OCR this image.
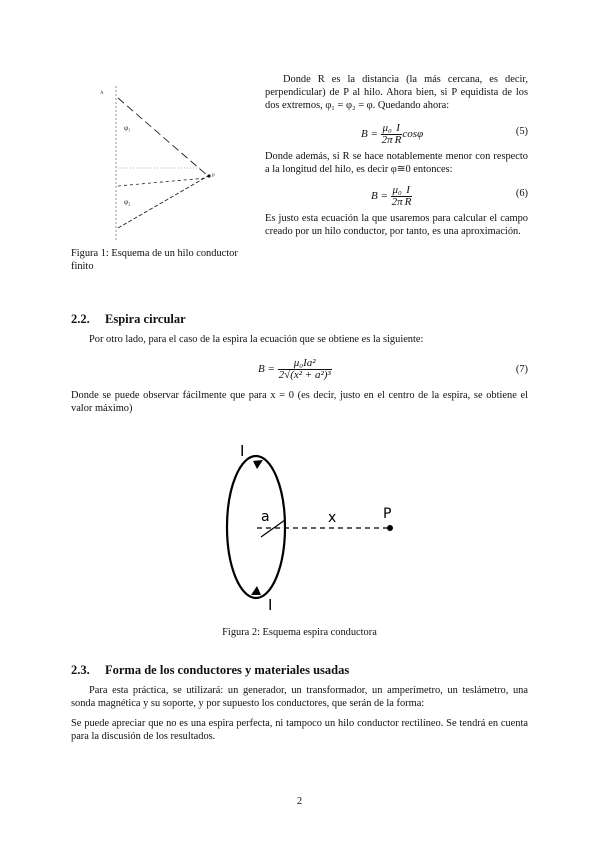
A
φ₁
φ₂
P
Figura 1: Esquema de un hilo conductor finito
Donde R es la distancia (la más cercana, es decir, perpendicular) de P al hilo. Ahora bien, si P equidista de los dos extremos, φ₁ = φ₂ = φ. Quedando ahora:
$B = \frac{\text{μ₀}}{2\pi} \frac{I}{R}$ cosφ	(5)
Donde además, si R se hace notablemente menor con respecto a la longitud del hilo, es decir φ≅0 entonces:
$B = \frac{\text{μ₀}}{2\pi} \frac{I}{R}$	(6)
Es justo esta ecuación la que usaremos para calcular el campo creado por un hilo conductor, por tanto, es una aproximación.
2.2. Espira circular
Por otro lado, para el caso de la espira la ecuación que se obtiene es la siguiente:
$B = \frac{\text{μ₀Ia²}}{\text{2√(x² + a²)³}}$	(7)
Donde se puede observar fácilmente que para x = 0 (es decir, justo en el centro de la espira, se obtiene el valor máximo)
I
I
a	x	P
Figura 2: Esquema espira conductora
2.3. Forma de los conductores y materiales usadas
Para esta práctica, se utilizará: un generador, un transformador, un amperímetro, un teslámetro, una sonda magnética y su soporte, y por supuesto los conductores, que serán de la forma:
Se puede apreciar que no es una espira perfecta, ni tampoco un hilo conductor rectilíneo. Se tendrá en cuenta para la discusión de los resultados.
2
